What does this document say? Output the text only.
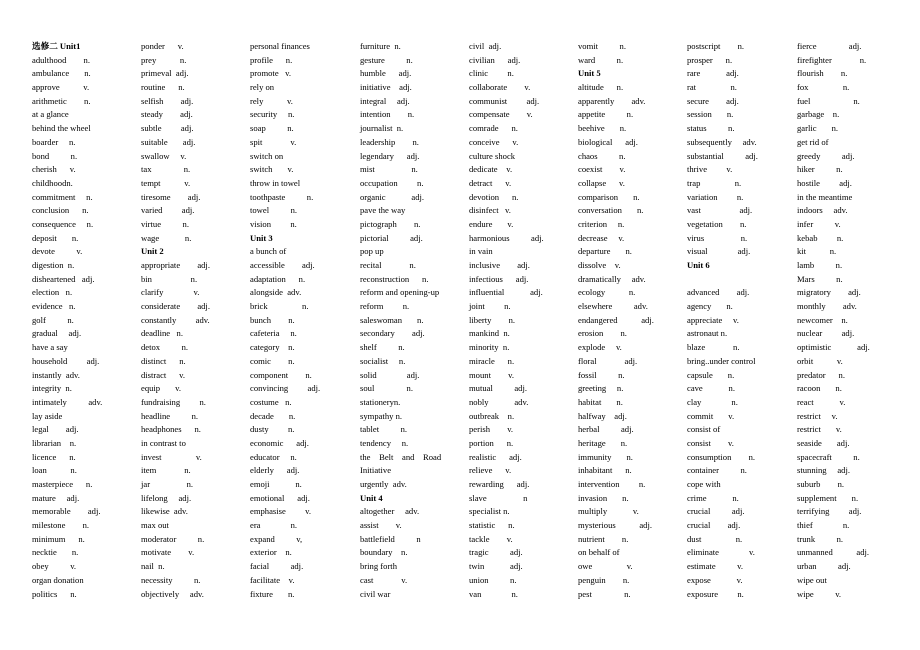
选修二 Unit1
adulthood        n.
ambulance       n.
approve           v.
arithmetic        n.
at a glance
behind the wheel
boarder     n.
bond          n.
cherish      v.
childhoodn.
commitment     n.
conclusion      n.
consequence     n.
deposit       n.
devote          v.
digestion  n.
disheartened   adj.
election   n.
evidence   n.
golf          n.
gradual     adj.
have a say
household         adj.
instantly  adv.
integrity  n.
intimately          adv.
lay aside
legal        adj.
librarian    n.
licence      n.
loan           n.
masterpiece      n.
mature     adj.
memorable        adj.
milestone        n.
minimum      n.
necktie       n.
obey          v.
organ donation
politics      n.
ponder      v.
prey           n.
primeval  adj.
routine      n.
selfish        adj.
steady        adj.
subtle         adj.
suitable       adj.
swallow     v.
tax               n.
tempt           v.
tiresome        adj.
varied         adj.
virtue          n.
wage            n.
Unit 2
appropriate        adj.
bin                  n.
clarify              v.
considerate        adj.
constantly         adv.
deadline   n.
detox          n.
distinct      n.
distract      v.
equip       v.
fundraising         n.
headline          n.
headphones      n.
in contrast to
invest                v.
item             n.
jar                 n.
lifelong     adj.
likewise  adv.
max out
moderator          n.
motivate        v.
nail  n.
necessity          n.
objectively     adv.
personal finances
profile      n.
promote   v.
rely on
rely           v.
security     n.
soap          n.
spit             v.
switch on
switch       v.
throw in towel
toothpaste          n.
towel          n.
vision         n.
Unit 3
a bunch of
accessible        adj.
adaptation      n.
alongside  adv.
brick                n.
bunch        n.
cafeteria     n.
category    n.
comic        n.
component        n.
convincing         adj.
costume   n.
decade       n.
dusty         n.
economic      adj.
educator     n.
elderly      adj.
emoji            n.
emotional      adj.
emphasise         v.
era              n.
expand          v,
exterior    n.
facial          adj.
facilitate    v.
fixture       n.
furniture  n.
gesture          n.
humble      adj.
initiative    adj.
integral     adj.
intention        n.
journalist  n.
leadership        n.
legendary      adj.
mist                 n.
occupation         n.
organic            adj.
pave the way
pictograph        n.
pictorial          adj.
pop up
recital             n.
reconstruction      n.
reform and opening-up
reform         n.
saleswoman       n.
secondary        adj.
shelf          n.
socialist     n.
solid              adj.
soul               n.
stationeryn.
sympathy n.
tablet          n.
tendency     n.
the    Belt    and    Road
Initiative
urgently  adv.
Unit 4
altogether     adv.
assist        v.
battlefield          n
boundary    n.
bring forth
cast             v.
civil war
civil  adj.
civilian      adj.
clinic         n.
collaborate        v.
communist         adj.
compensate        v.
comrade      n.
conceive      v.
culture shock
dedicate    v.
detract      v.
devotion      n.
disinfect   v.
endure       v.
harmonious          adj.
in vain
inclusive        adj.
infectious      adj.
influential            adj.
joint         n.
liberty        n.
mankind  n.
minority  n.
miracle      n.
mount        v.
mutual          adj.
nobly            adv.
outbreak    n.
perish        v.
portion      n.
realistic      adj.
relieve      v.
rewarding      adj.
slave                 n
specialist n.
statistic      n.
tackle        v.
tragic          adj.
twin            adj.
union          n.
van              n.
vomit          n.
ward          n.
Unit 5
altitude      n.
apparently        adv.
appetite          n.
beehive       n.
biological      adj.
chaos          n.
coexist        v.
collapse      v.
comparison       n.
conversation       n.
criterion     n.
decrease     v.
departure       n.
dissolve    v.
dramatically     adv.
ecology           n.
elsewhere          adv.
endangered           adj.
erosion        n.
explode     v.
floral             adj.
fossil          n.
greeting     n.
habitat       n.
halfway    adj.
herbal          adj.
heritage       n.
immunity       n.
inhabitant      n.
intervention         n.
invasion       n.
multiply            v.
mysterious           adj.
nutrient        n.
on behalf of
owe                v.
penguin        n.
pest               n.
postscript        n.
prosper      n.
rare            adj.
rat                n.
secure        adj.
session       n.
status          n.
subsequently     adv.
substantial          adj.
thrive         v.
trap                n.
variation         n.
vast                  adj.
vegetation        n.
virus                 n.
visual              adj.
Unit 6
advanced        adj.
agency       n.
appreciate     v.
astronaut n.
blaze             n.
bring..under control
capsule       n.
cave            n.
clay              n.
commit       v.
consist of
consist        v.
consumption        n.
container          n.
cope with
crime            n.
crucial          adj.
crucial        adj.
dust                n.
eliminate              v.
estimate          v.
expose            v.
exposure         n.
fierce               adj.
firefighter             n.
flourish        n.
fox                n.
fuel                    n.
garbage    n.
garlic       n.
get rid of
greedy          adj.
hiker          n.
hostile         adj.
in the meantime
indoors     adv.
infer          v.
kebab         n.
kit           n.
lamb          n.
Mars          n.
migratory        adj.
monthly        adv.
newcomer    n.
nuclear         adj.
optimistic            adj.
orbit           v.
predator      n.
racoon       n.
react            v.
restrict     v.
restrict       v.
seaside       adj.
spacecraft          n.
stunning     adj.
suburb        n.
supplement       n.
terrifying         adj.
thief              n.
trunk          n.
unmanned           adj.
urban          adj.
wipe out
wipe          v.
